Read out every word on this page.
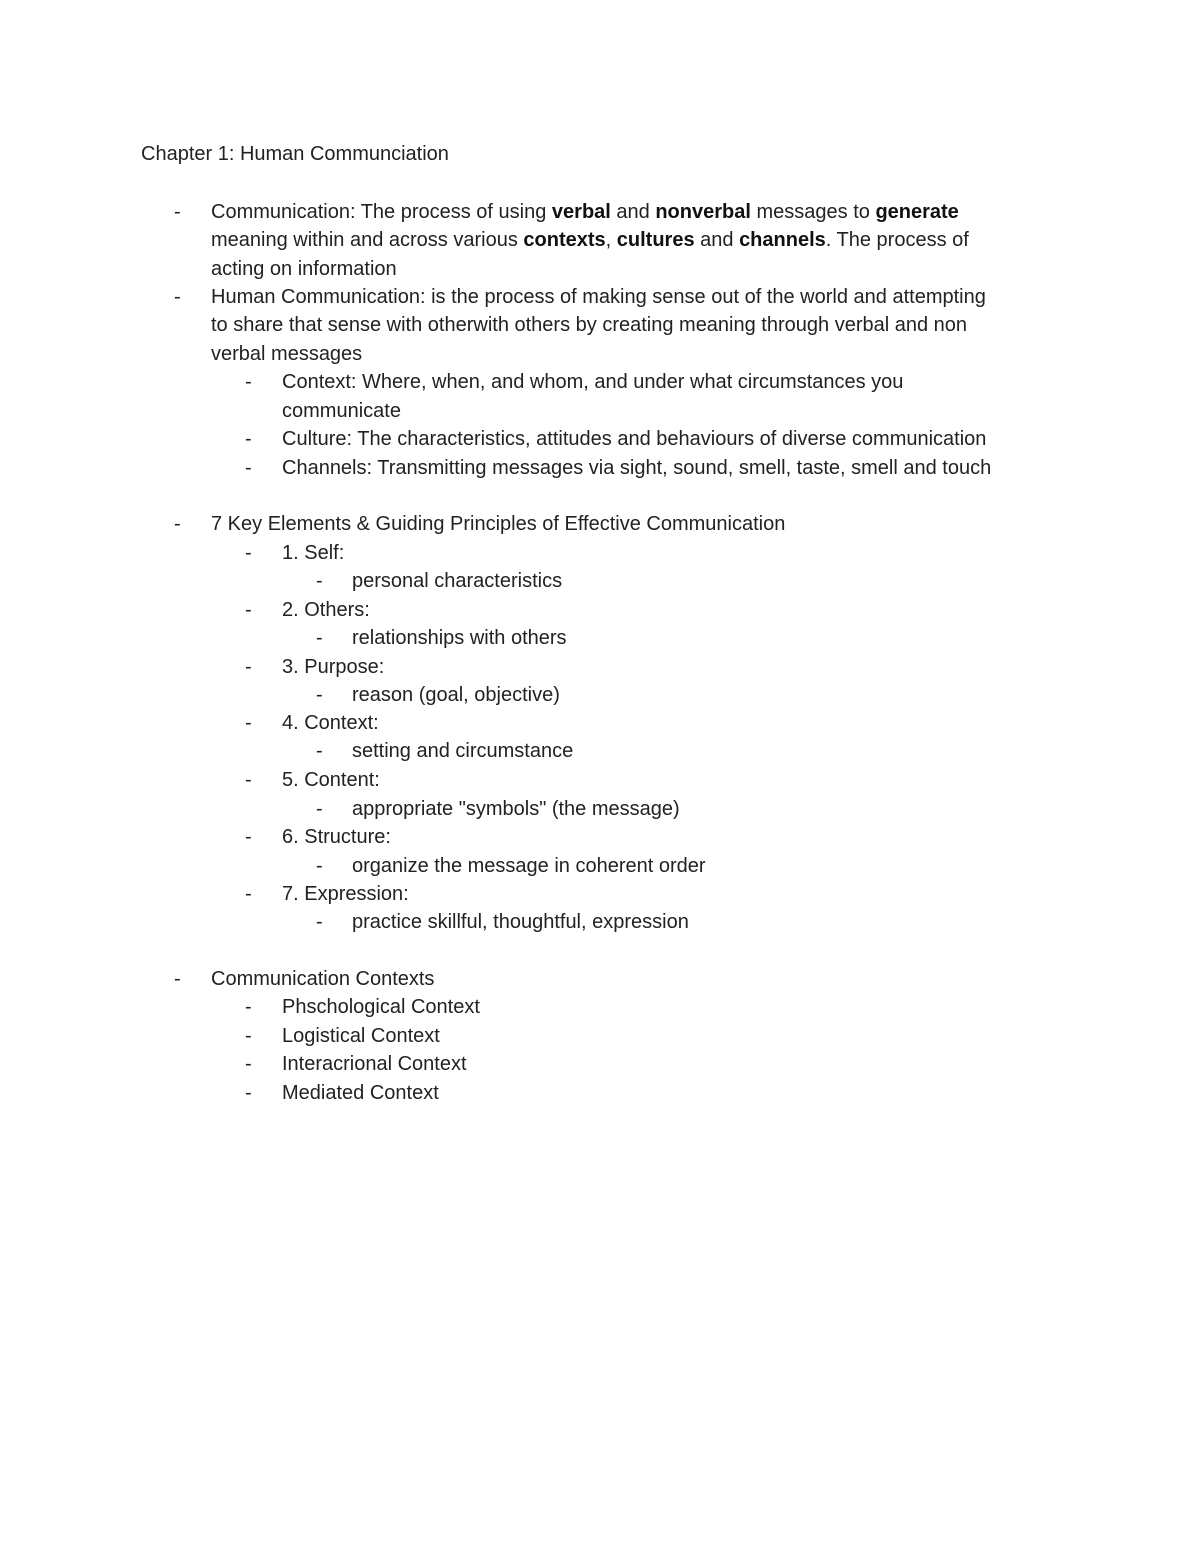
Chapter 1: Human Communciation
- Communication: The process of using verbal and nonverbal messages to generate
meaning within and across various contexts, cultures and channels. The process of
acting on information
- Human Communication: is the process of making sense out of the world and attempting
to share that sense with otherwith others by creating meaning through verbal and non
verbal messages
- Context: Where, when, and whom, and under what circumstances you
communicate
- Culture: The characteristics, attitudes and behaviours of diverse communication
- Channels: Transmitting messages via sight, sound, smell, taste, smell and touch
- 7 Key Elements & Guiding Principles of Effective Communication
- 1. Self:
- personal characteristics
- 2. Others:
- relationships with others
- 3. Purpose:
- reason (goal, objective)
- 4. Context:
- setting and circumstance
- 5. Content:
- appropriate "symbols" (the message)
- 6. Structure:
- organize the message in coherent order
- 7. Expression:
- practice skillful, thoughtful, expression
- Communication Contexts
- Phschological Context
- Logistical Context
- Interacrional Context
- Mediated Context
